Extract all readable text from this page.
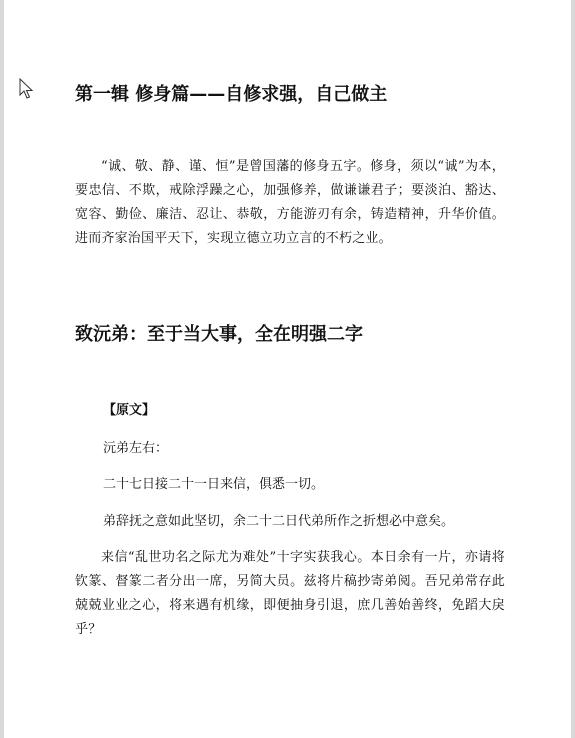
第一辑 修身篇——自修求强，自己做主

“诚、敬、静、谨、恒”是曾国藩的修身五字。修身，须以“诚”为本，要忠信、不欺，戒除浮躁之心，加强修养，做谦谦君子；要淡泊、豁达、宽容、勤俭、廉洁、忍让、恭敬，方能游刃有余，铸造精神，升华价值。进而齐家治国平天下，实现立德立功立言的不朽之业。

致沅弟：至于当大事，全在明强二字

【原文】

沅弟左右：

二十七日接二十一日来信，俱悉一切。

弟辞抚之意如此坚切，余二十二日代弟所作之折想必中意矣。

来信“乱世功名之际尤为难处”十字实获我心。本日余有一片，亦请将钦篆、督篆二者分出一席，另简大员。兹将片稿抄寄弟阅。吾兄弟常存此兢兢业业之心，将来遇有机缘，即便抽身引退，庶几善始善终，免蹈大戾乎？
